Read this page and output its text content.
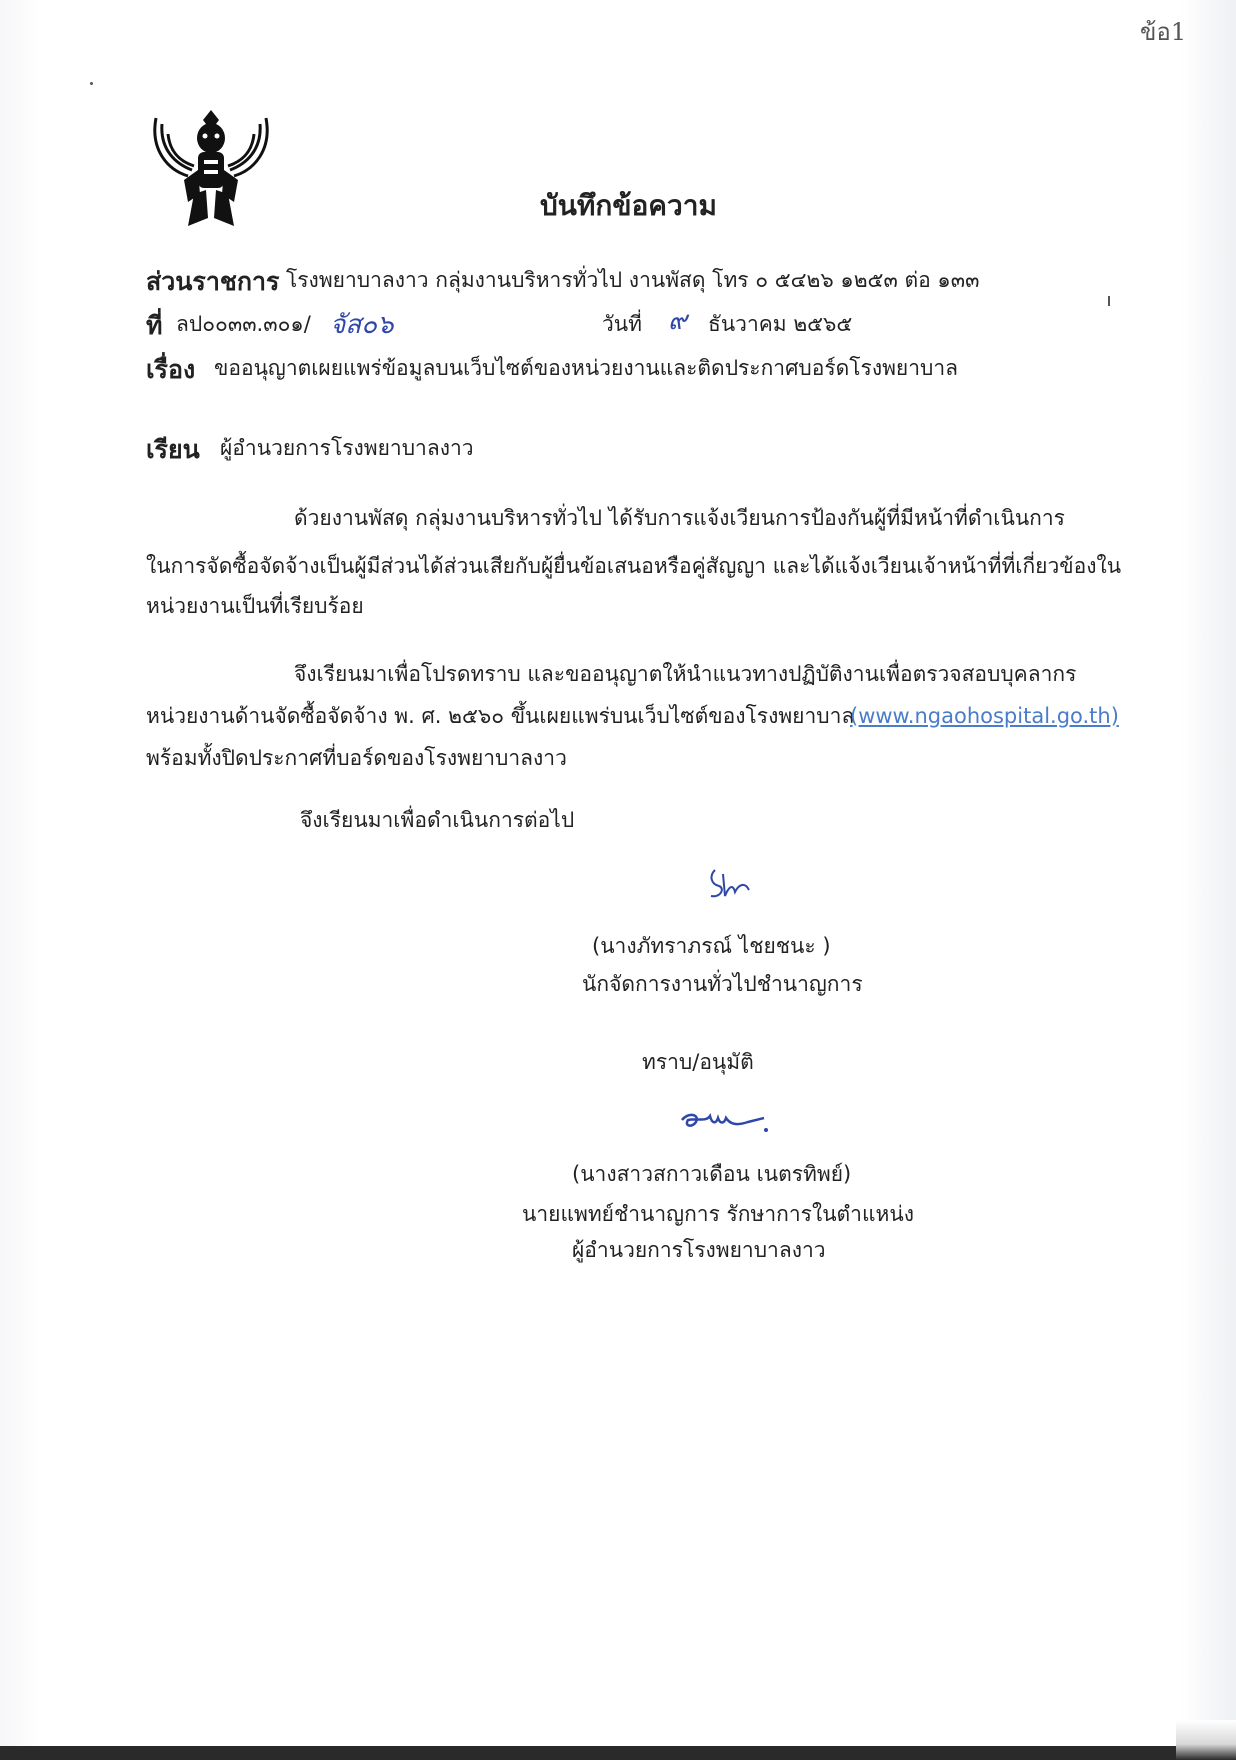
ข้อ1
บันทึกข้อความ
ส่วนราชการ โรงพยาบาลงาว กลุ่มงานบริหารทั่วไป งานพัสดุ โทร ๐ ๕๔๒๖ ๑๒๕๓ ต่อ ๑๓๓
ที่ ลป๐๐๓๓.๓๐๑/ จัส๐๖	วันที่ ๙ ธันวาคม ๒๕๖๕
เรื่อง ขออนุญาตเผยแพร่ข้อมูลบนเว็บไซต์ของหน่วยงานและติดประกาศบอร์ดโรงพยาบาล
เรียน ผู้อำนวยการโรงพยาบาลงาว
ด้วยงานพัสดุ กลุ่มงานบริหารทั่วไป ได้รับการแจ้งเวียนการป้องกันผู้ที่มีหน้าที่ดำเนินการ
ในการจัดซื้อจัดจ้างเป็นผู้มีส่วนได้ส่วนเสียกับผู้ยื่นข้อเสนอหรือคู่สัญญา และได้แจ้งเวียนเจ้าหน้าที่ที่เกี่ยวข้องใน
หน่วยงานเป็นที่เรียบร้อย
จึงเรียนมาเพื่อโปรดทราบ และขออนุญาตให้นำแนวทางปฏิบัติงานเพื่อตรวจสอบบุคลากร
หน่วยงานด้านจัดซื้อจัดจ้าง พ. ศ. ๒๕๖๐ ขึ้นเผยแพร่บนเว็บไซต์ของโรงพยาบาล
(www.ngaohospital.go.th)
พร้อมทั้งปิดประกาศที่บอร์ดของโรงพยาบาลงาว
จึงเรียนมาเพื่อดำเนินการต่อไป
(นางภัทราภรณ์ ไชยชนะ )
นักจัดการงานทั่วไปชำนาญการ
ทราบ/อนุมัติ
(นางสาวสกาวเดือน เนตรทิพย์)
นายแพทย์ชำนาญการ รักษาการในตำแหน่ง
ผู้อำนวยการโรงพยาบาลงาว
